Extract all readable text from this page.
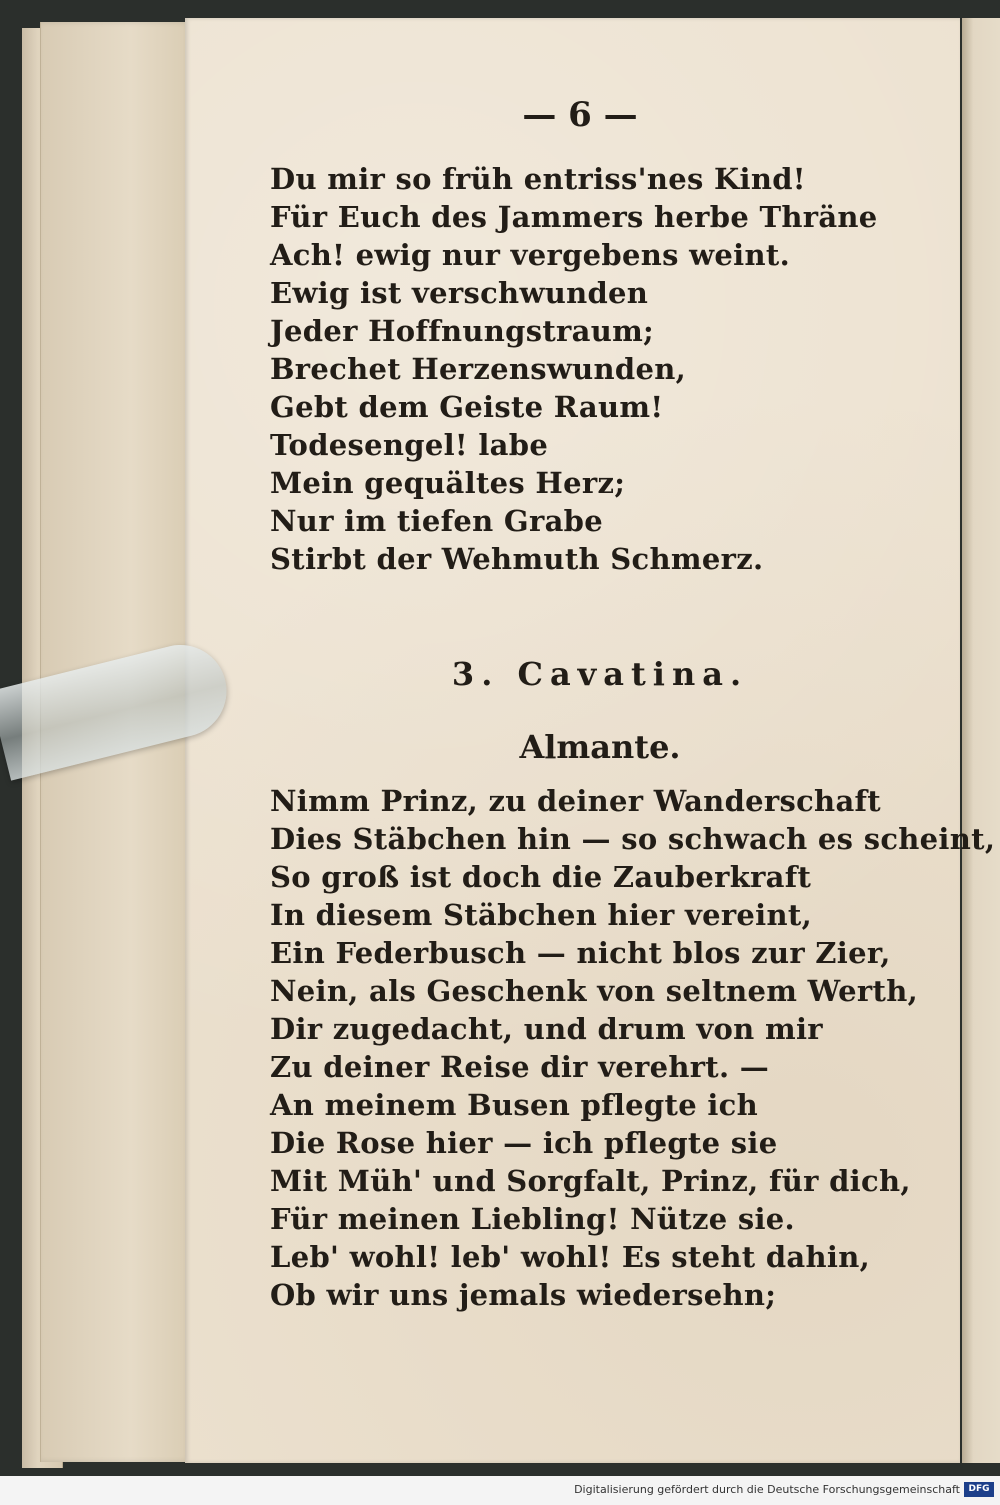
— 6 —
Du mir so früh entriss'nes Kind!
Für Euch des Jammers herbe Thräne
Ach! ewig nur vergebens weint.
Ewig ist verschwunden
Jeder Hoffnungstraum;
Brechet Herzenswunden,
Gebt dem Geiste Raum!
Todesengel! labe
Mein gequältes Herz;
Nur im tiefen Grabe
Stirbt der Wehmuth Schmerz.
3. Cavatina.
Almante.
Nimm Prinz, zu deiner Wanderschaft
Dies Stäbchen hin — so schwach es scheint,
So groß ist doch die Zauberkraft
In diesem Stäbchen hier vereint,
Ein Federbusch — nicht blos zur Zier,
Nein, als Geschenk von seltnem Werth,
Dir zugedacht, und drum von mir
Zu deiner Reise dir verehrt. —
An meinem Busen pflegte ich
Die Rose hier — ich pflegte sie
Mit Müh' und Sorgfalt, Prinz, für dich,
Für meinen Liebling! Nütze sie.
Leb' wohl! leb' wohl! Es steht dahin,
Ob wir uns jemals wiedersehn;
Digitalisierung gefördert durch die Deutsche Forschungsgemeinschaft DFG
